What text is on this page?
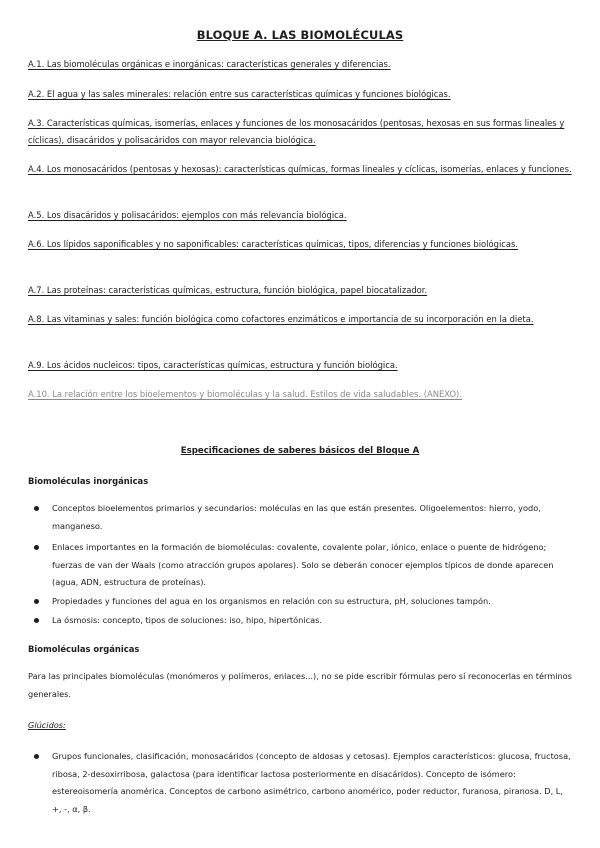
BLOQUE A. LAS BIOMOLÉCULAS
A.1. Las biomoléculas orgánicas e inorgánicas: características generales y diferencias.
A.2. El agua y las sales minerales: relación entre sus características químicas y funciones biológicas.
A.3. Características químicas, isomerías, enlaces y funciones de los monosacáridos (pentosas, hexosas en sus formas lineales y cíclicas), disacáridos y polisacáridos con mayor relevancia biológica.
A.4. Los monosacáridos (pentosas y hexosas): características químicas, formas lineales y cíclicas, isomerías, enlaces y funciones.
A.5. Los disacáridos y polisacáridos: ejemplos con más relevancia biológica.
A.6. Los lípidos saponificables y no saponificables: características químicas, tipos, diferencias y funciones biológicas.
A.7. Las proteínas: características químicas, estructura, función biológica, papel biocatalizador.
A.8. Las vitaminas y sales: función biológica como cofactores enzimáticos e importancia de su incorporación en la dieta.
A.9. Los ácidos nucleicos: tipos, características químicas, estructura y función biológica.
A.10. La relación entre los bioelementos y biomoléculas y la salud. Estilos de vida saludables. (ANEXO).
Especificaciones de saberes básicos del Bloque A
Biomoléculas inorgánicas
Conceptos bioelementos primarios y secundarios: moléculas en las que están presentes. Oligoelementos: hierro, yodo, manganeso.
Enlaces importantes en la formación de biomoléculas: covalente, covalente polar, iónico, enlace o puente de hidrógeno; fuerzas de van der Waals (como atracción grupos apolares). Solo se deberán conocer ejemplos típicos de donde aparecen (agua, ADN, estructura de proteínas).
Propiedades y funciones del agua en los organismos en relación con su estructura, pH, soluciones tampón.
La ósmosis: concepto, tipos de soluciones: iso, hipo, hipertónicas.
Biomoléculas orgánicas
Para las principales biomoléculas (monómeros y polímeros, enlaces...), no se pide escribir fórmulas pero sí reconocerlas en términos generales.
Glúcidos:
Grupos funcionales, clasificación, monosacáridos (concepto de aldosas y cetosas). Ejemplos característicos: glucosa, fructosa, ribosa, 2-desoxirribosa, galactosa (para identificar lactosa posteriormente en disacáridos). Concepto de isómero: estereoisomería anomérica. Conceptos de carbono asimétrico, carbono anomérico, poder reductor, furanosa, piranosa. D, L, +, -, α, β.
